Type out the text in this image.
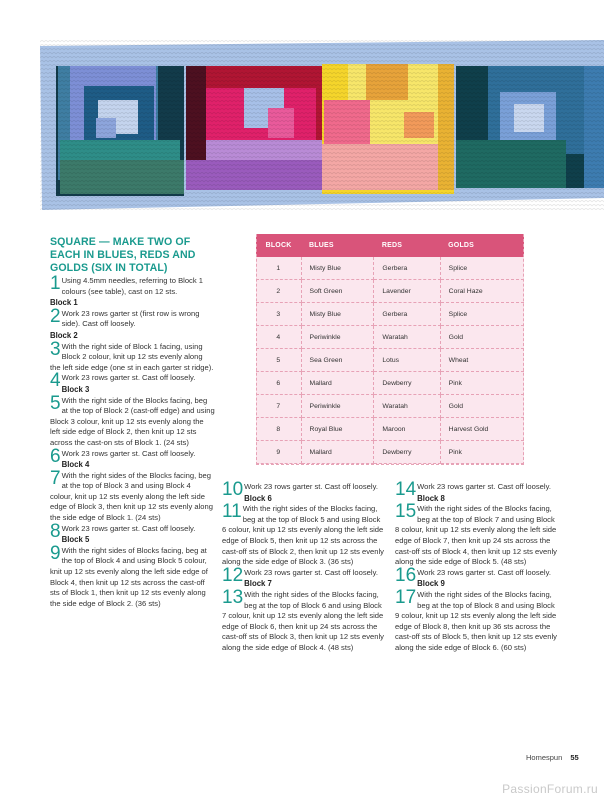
SQUARE — MAKE TWO OF EACH IN BLUES, REDS AND GOLDS (SIX IN TOTAL)

1 Using 4.5mm needles, referring to Block 1 colours (see table), cast on 12 sts.

Block 1

2 Work 23 rows garter st (first row is wrong side). Cast off loosely.

Block 2

3 With the right side of Block 1 facing, using Block 2 colour, knit up 12 sts evenly along the left side edge (one st in each garter st ridge).

4 Work 23 rows garter st. Cast off loosely.

Block 3

5 With the right side of the Blocks facing, beg at the top of Block 2 (cast-off edge) and using Block 3 colour, knit up 12 sts evenly along the left side edge of Block 2, then knit up 12 sts across the cast-on sts of Block 1. (24 sts)

6 Work 23 rows garter st. Cast off loosely.

Block 4

7 With the right sides of the Blocks facing, beg at the top of Block 3 and using Block 4 colour, knit up 12 sts evenly along the left side edge of Block 3, then knit up 12 sts evenly along the side edge of Block 1. (24 sts)

8 Work 23 rows garter st. Cast off loosely.

Block 5

9 With the right sides of Blocks facing, beg at the top of Block 4 and using Block 5 colour, knit up 12 sts evenly along the left side edge of Block 4, then knit up 12 sts across the cast-off sts of Block 1, then knit up 12 sts evenly along the side edge of Block 2. (36 sts)

BLOCK	BLUES	REDS	GOLDS
1	Misty Blue	Gerbera	Splice
2	Soft Green	Lavender	Coral Haze
3	Misty Blue	Gerbera	Splice
4	Periwinkle	Waratah	Gold
5	Sea Green	Lotus	Wheat
6	Mallard	Dewberry	Pink
7	Periwinkle	Waratah	Gold
8	Royal Blue	Maroon	Harvest Gold
9	Mallard	Dewberry	Pink

10 Work 23 rows garter st. Cast off loosely.

Block 6

11 With the right sides of the Blocks facing, beg at the top of Block 5 and using Block 6 colour, knit up 12 sts evenly along the left side edge of Block 5, then knit up 12 sts across the cast-off sts of Block 2, then knit up 12 sts evenly along the side edge of Block 3. (36 sts)

12 Work 23 rows garter st. Cast off loosely.

Block 7

13 With the right sides of the Blocks facing, beg at the top of Block 6 and using Block 7 colour, knit up 12 sts evenly along the left side edge of Block 6, then knit up 24 sts across the cast-off sts of Block 3, then knit up 12 sts evenly along the side edge of Block 4. (48 sts)

14 Work 23 rows garter st. Cast off loosely.

Block 8

15 With the right sides of the Blocks facing, beg at the top of Block 7 and using Block 8 colour, knit up 12 sts evenly along the left side edge of Block 7, then knit up 24 sts across the cast-off sts of Block 4, then knit up 12 sts evenly along the side edge of Block 5. (48 sts)

16 Work 23 rows garter st. Cast off loosely.

Block 9

17 With the right sides of the Blocks facing, beg at the top of Block 8 and using Block 9 colour, knit up 12 sts evenly along the left side edge of Block 8, then knit up 36 sts across the cast-off sts of Block 5, then knit up 12 sts evenly along the side edge of Block 6. (60 sts)

Homespun 55
PassionForum.ru
